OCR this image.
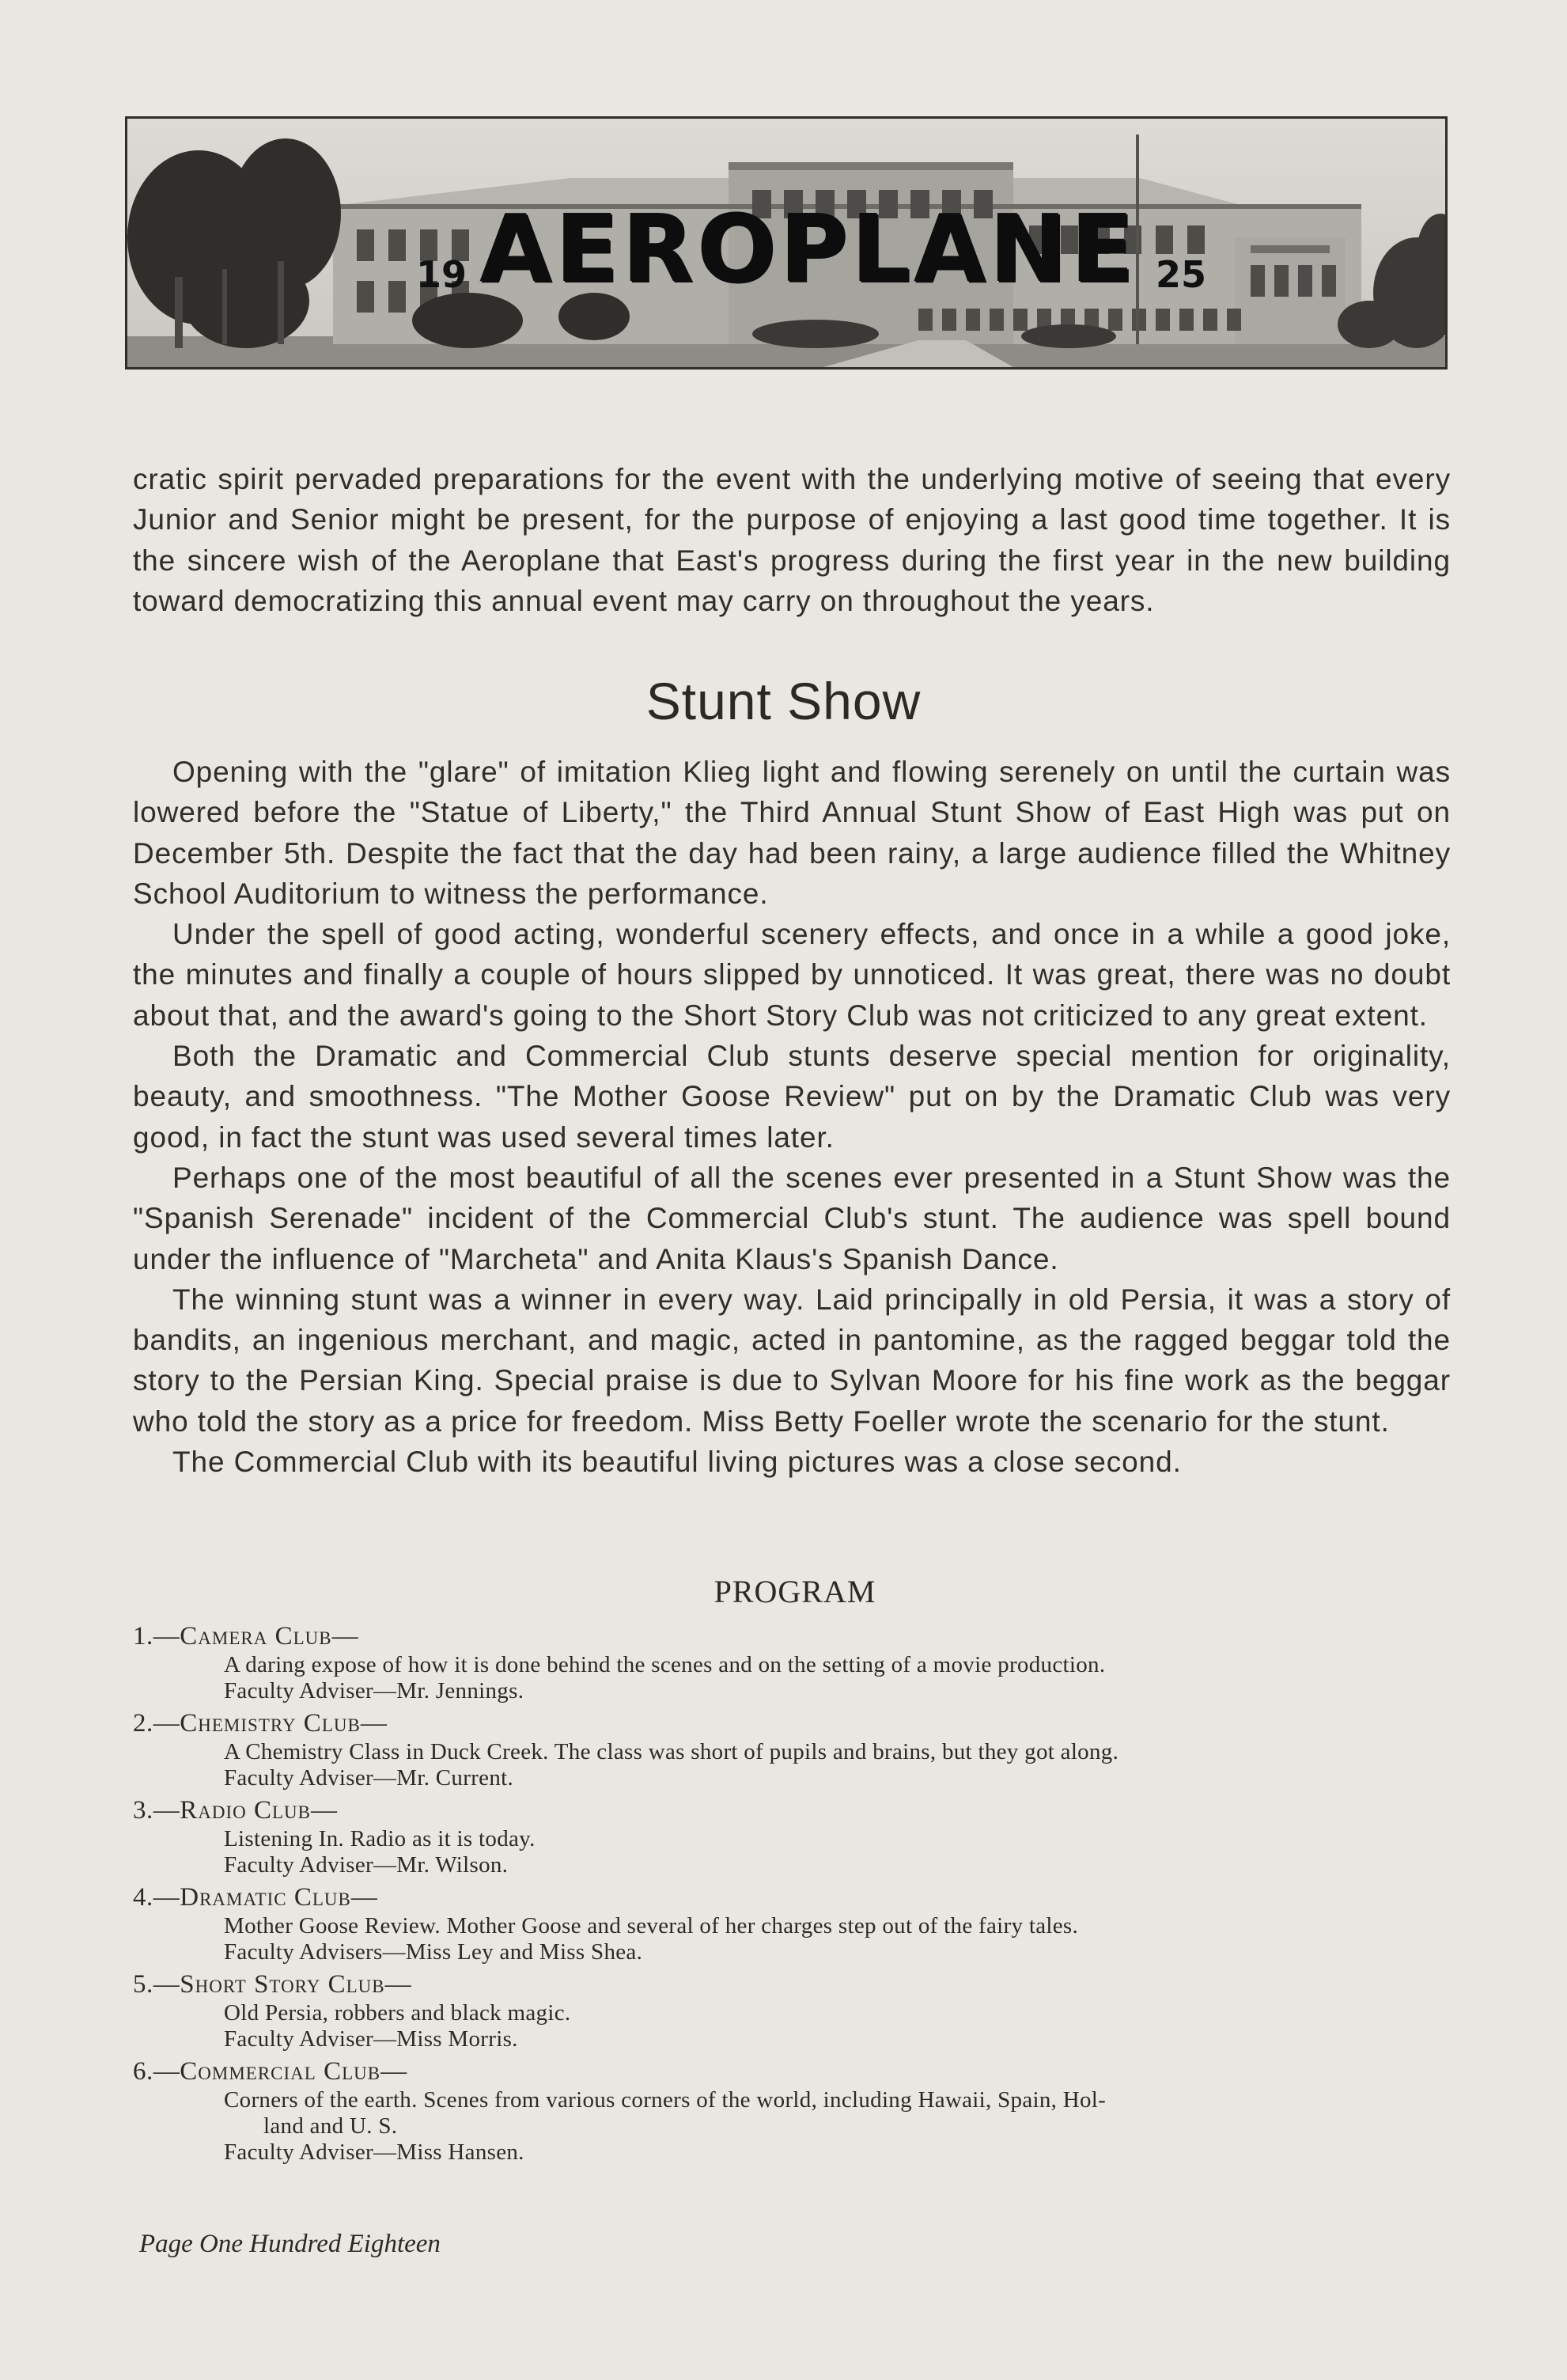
19 AEROPLANE 25
cratic spirit pervaded preparations for the event with the underlying motive of seeing that every Junior and Senior might be present, for the purpose of enjoying a last good time together. It is the sincere wish of the Aeroplane that East's progress during the first year in the new building toward democratizing this annual event may carry on throughout the years.
Stunt Show

Opening with the "glare" of imitation Klieg light and flowing serenely on until the curtain was lowered before the "Statue of Liberty," the Third Annual Stunt Show of East High was put on December 5th. Despite the fact that the day had been rainy, a large audience filled the Whitney School Auditorium to witness the performance.

Under the spell of good acting, wonderful scenery effects, and once in a while a good joke, the minutes and finally a couple of hours slipped by unnoticed. It was great, there was no doubt about that, and the award's going to the Short Story Club was not criticized to any great extent.

Both the Dramatic and Commercial Club stunts deserve special mention for originality, beauty, and smoothness. "The Mother Goose Review" put on by the Dramatic Club was very good, in fact the stunt was used several times later.

Perhaps one of the most beautiful of all the scenes ever presented in a Stunt Show was the "Spanish Serenade" incident of the Commercial Club's stunt. The audience was spell bound under the influence of "Marcheta" and Anita Klaus's Spanish Dance.

The winning stunt was a winner in every way. Laid principally in old Persia, it was a story of bandits, an ingenious merchant, and magic, acted in pantomine, as the ragged beggar told the story to the Persian King. Special praise is due to Sylvan Moore for his fine work as the beggar who told the story as a price for freedom. Miss Betty Foeller wrote the scenario for the stunt.

The Commercial Club with its beautiful living pictures was a close second.

PROGRAM
1.—Camera Club—
A daring expose of how it is done behind the scenes and on the setting of a movie production.
Faculty Adviser—Mr. Jennings.
2.—Chemistry Club—
A Chemistry Class in Duck Creek. The class was short of pupils and brains, but they got along.
Faculty Adviser—Mr. Current.
3.—Radio Club—
Listening In. Radio as it is today.
Faculty Adviser—Mr. Wilson.
4.—Dramatic Club—
Mother Goose Review. Mother Goose and several of her charges step out of the fairy tales.
Faculty Advisers—Miss Ley and Miss Shea.
5.—Short Story Club—
Old Persia, robbers and black magic.
Faculty Adviser—Miss Morris.
6.—Commercial Club—
Corners of the earth. Scenes from various corners of the world, including Hawaii, Spain, Hol-
land and U. S.
Faculty Adviser—Miss Hansen.
Page One Hundred Eighteen
